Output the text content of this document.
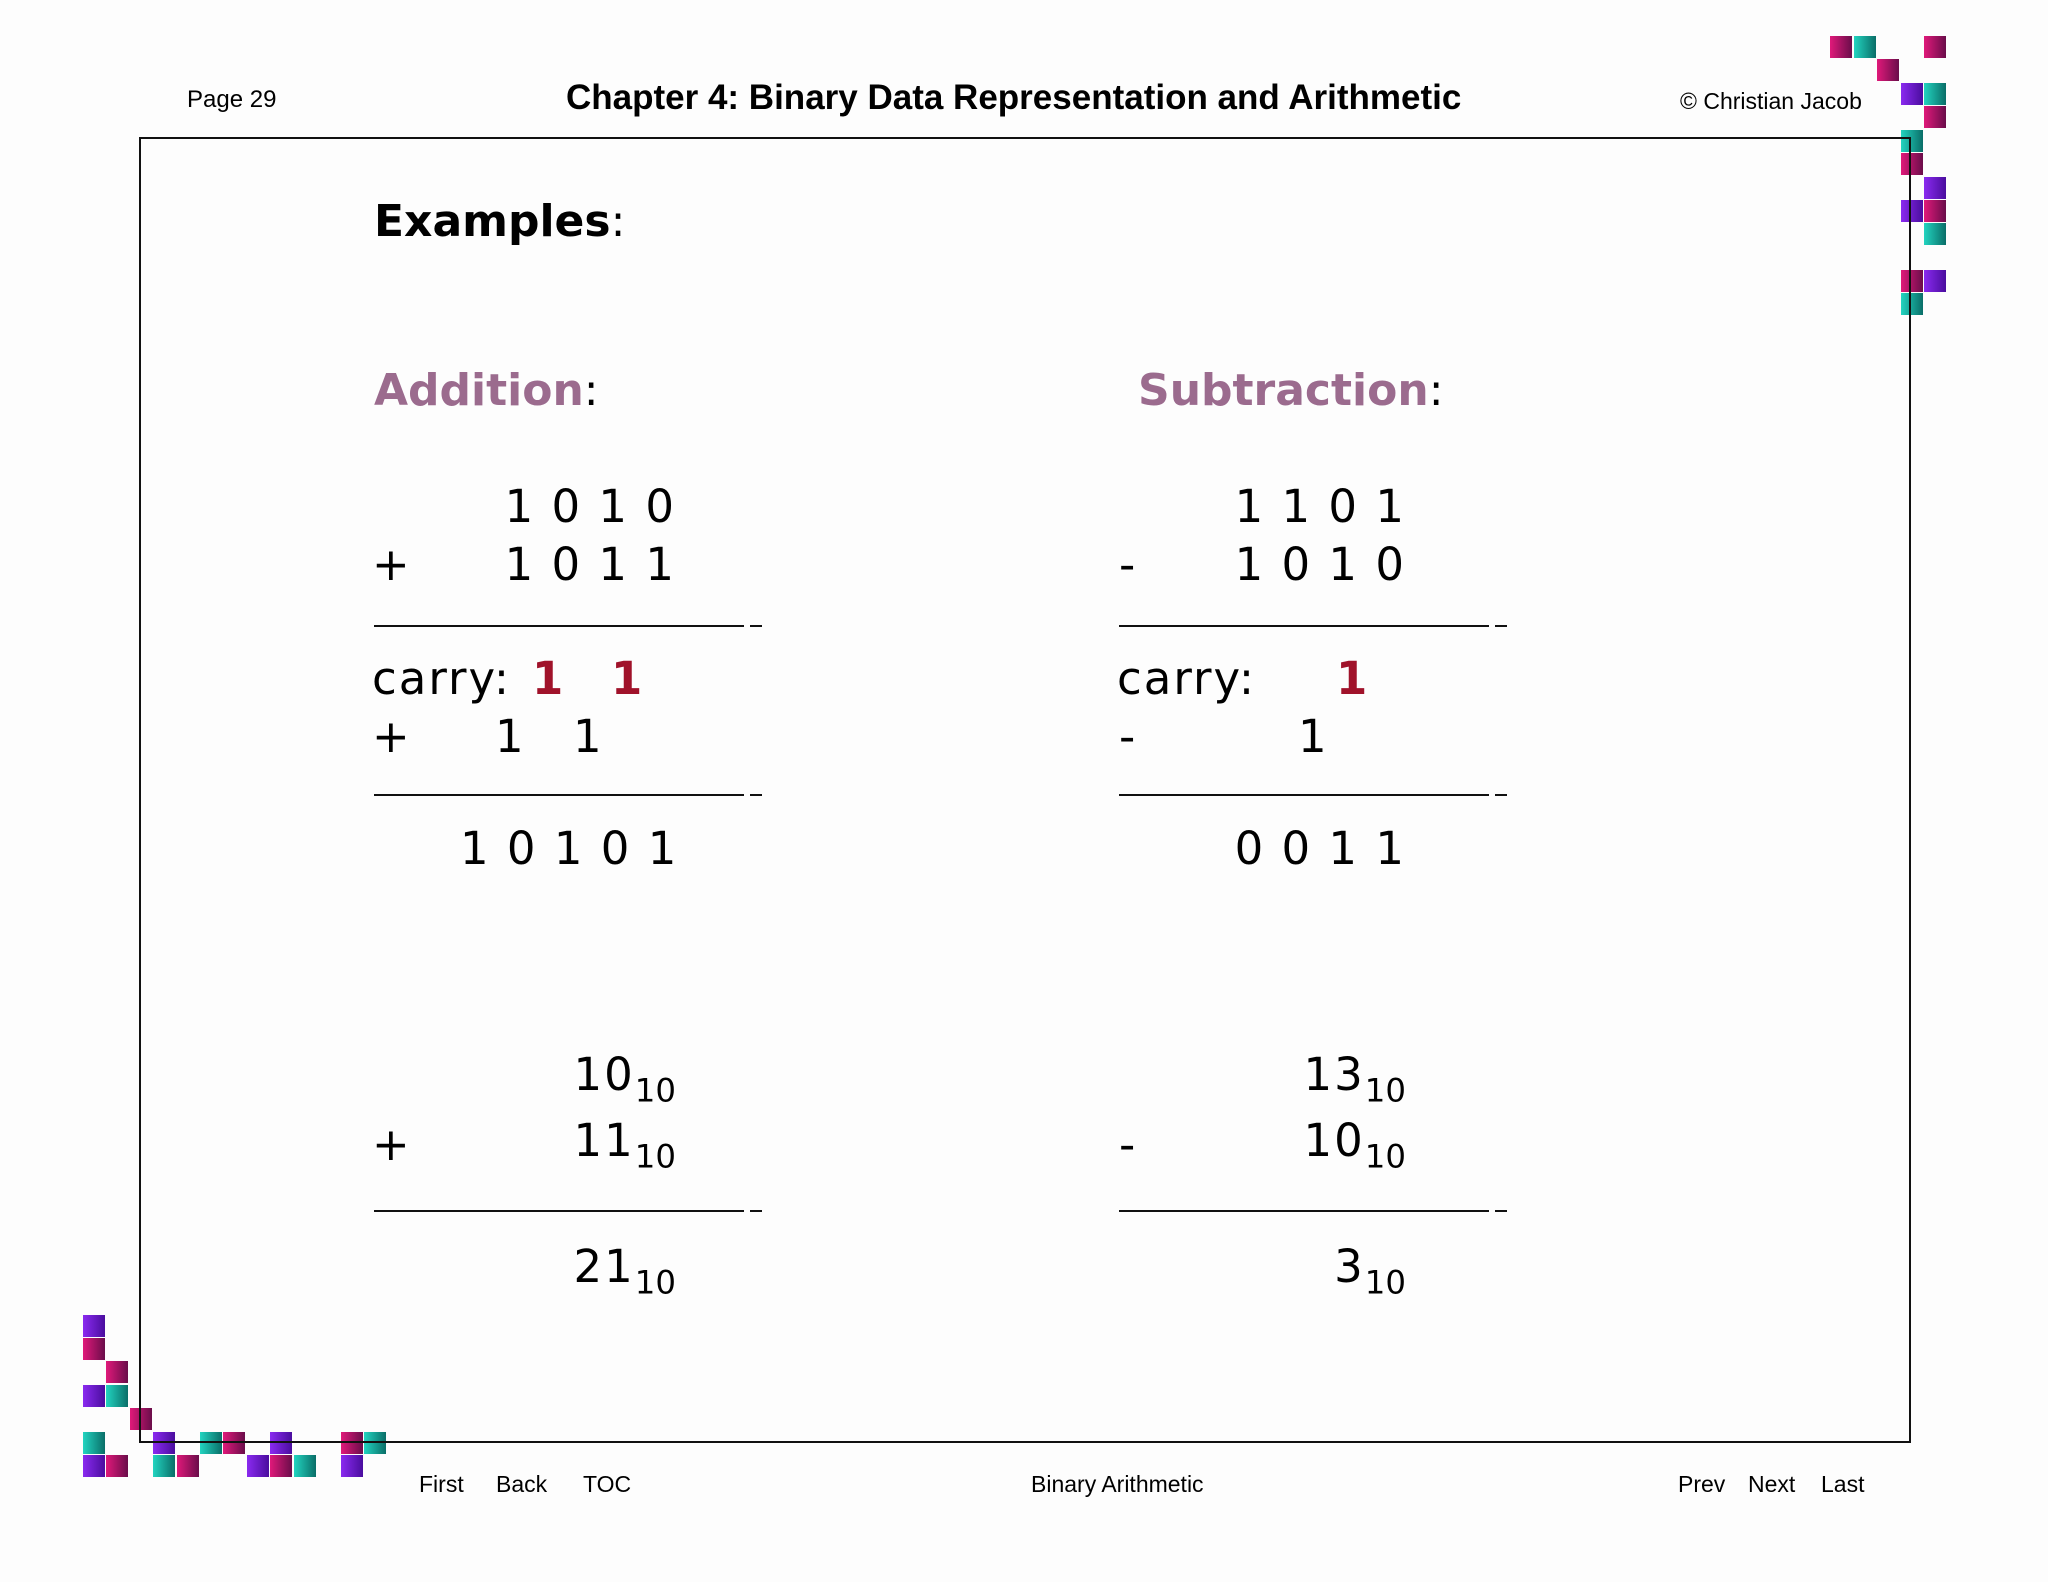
Page 29	Chapter 4: Binary Data Representation and Arithmetic	© Christian Jacob
Examples:
Addition:
1 0 1 0
+	1 0 1 1
carry: 1 1
+ 1 1
1 0 1 0 1
$10_{10}$
+	$11_{10}$
$21_{10}$
Subtraction:
1 1 0 1
-	1 0 1 0
carry: 1
-	1
0 0 1 1
$13_{10}$
-	$10_{10}$
$3_{10}$
First Back TOC	Binary Arithmetic	Prev Next Last
